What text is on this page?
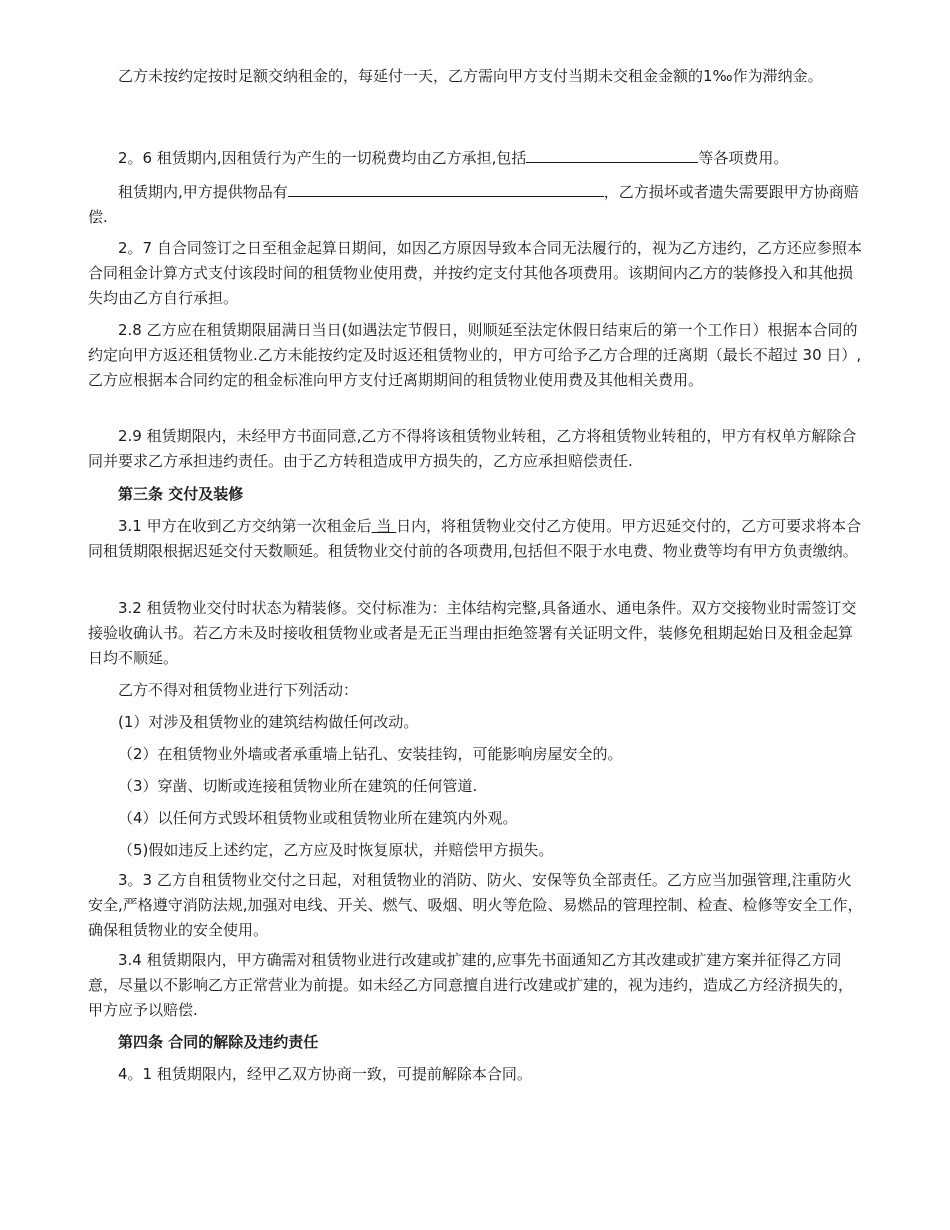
乙方未按约定按时足额交纳租金的，每延付一天，乙方需向甲方支付当期未交租金金额的1‰作为滞纳金。

2。6 租赁期内,因租赁行为产生的一切税费均由乙方承担,包括	等各项费用。

租赁期内,甲方提供物品有	，乙方损坏或者遗失需要跟甲方协商赔偿.

2。7 自合同签订之日至租金起算日期间，如因乙方原因导致本合同无法履行的，视为乙方违约，乙方还应参照本合同租金计算方式支付该段时间的租赁物业使用费，并按约定支付其他各项费用。该期间内乙方的装修投入和其他损失均由乙方自行承担。

2.8 乙方应在租赁期限届满日当日(如遇法定节假日，则顺延至法定休假日结束后的第一个工作日）根据本合同的约定向甲方返还租赁物业.乙方未能按约定及时返还租赁物业的，甲方可给予乙方合理的迁离期（最长不超过 30 日）,乙方应根据本合同约定的租金标准向甲方支付迁离期期间的租赁物业使用费及其他相关费用。

2.9 租赁期限内，未经甲方书面同意,乙方不得将该租赁物业转租，乙方将租赁物业转租的，甲方有权单方解除合同并要求乙方承担违约责任。由于乙方转租造成甲方损失的，乙方应承担赔偿责任.

第三条 交付及装修

3.1 甲方在收到乙方交纳第一次租金后 当 日内，将租赁物业交付乙方使用。甲方迟延交付的，乙方可要求将本合同租赁期限根据迟延交付天数顺延。租赁物业交付前的各项费用,包括但不限于水电费、物业费等均有甲方负责缴纳。

3.2 租赁物业交付时状态为精装修。交付标准为：主体结构完整,具备通水、通电条件。双方交接物业时需签订交接验收确认书。若乙方未及时接收租赁物业或者是无正当理由拒绝签署有关证明文件，装修免租期起始日及租金起算日均不顺延。

乙方不得对租赁物业进行下列活动：

(1）对涉及租赁物业的建筑结构做任何改动。

（2）在租赁物业外墙或者承重墙上钻孔、安装挂钩，可能影响房屋安全的。

（3）穿凿、切断或连接租赁物业所在建筑的任何管道.

（4）以任何方式毁坏租赁物业或租赁物业所在建筑内外观。

（5)假如违反上述约定，乙方应及时恢复原状，并赔偿甲方损失。

3。3 乙方自租赁物业交付之日起，对租赁物业的消防、防火、安保等负全部责任。乙方应当加强管理,注重防火安全,严格遵守消防法规,加强对电线、开关、燃气、吸烟、明火等危险、易燃品的管理控制、检查、检修等安全工作，确保租赁物业的安全使用。

3.4 租赁期限内，甲方确需对租赁物业进行改建或扩建的,应事先书面通知乙方其改建或扩建方案并征得乙方同意，尽量以不影响乙方正常营业为前提。如未经乙方同意擅自进行改建或扩建的，视为违约，造成乙方经济损失的，甲方应予以赔偿.

第四条 合同的解除及违约责任

4。1 租赁期限内，经甲乙双方协商一致，可提前解除本合同。
